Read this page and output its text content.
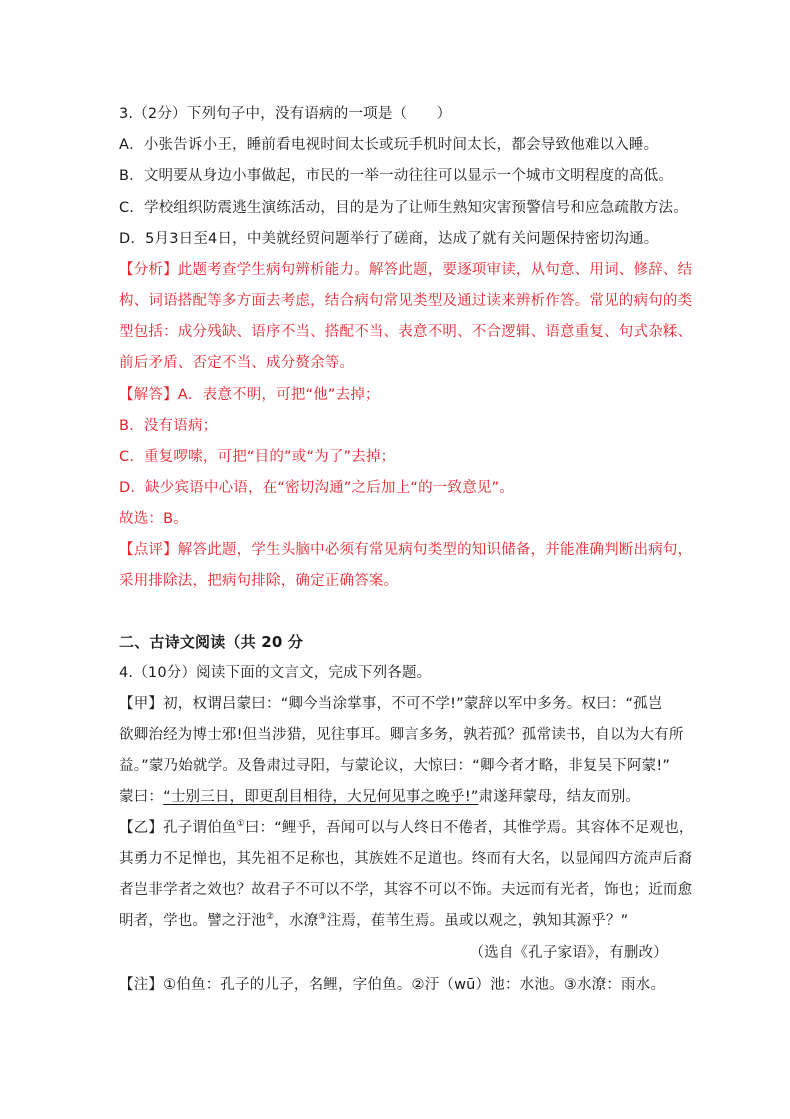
3.（2分）下列句子中，没有语病的一项是（　　）
A．小张告诉小王，睡前看电视时间太长或玩手机时间太长，都会导致他难以入睡。
B．文明要从身边小事做起，市民的一举一动往往可以显示一个城市文明程度的高低。
C．学校组织防震逃生演练活动，目的是为了让师生熟知灾害预警信号和应急疏散方法。
D．5月3日至4日，中美就经贸问题举行了磋商，达成了就有关问题保持密切沟通。
【分析】此题考查学生病句辨析能力。解答此题，要逐项审读，从句意、用词、修辞、结
构、词语搭配等多方面去考虑，结合病句常见类型及通过读来辨析作答。常见的病句的类
型包括：成分残缺、语序不当、搭配不当、表意不明、不合逻辑、语意重复、句式杂糅、
前后矛盾、否定不当、成分赘余等。
【解答】A．表意不明，可把“他”去掉；
B．没有语病；
C．重复啰嗦，可把“目的”或“为了”去掉；
D．缺少宾语中心语，在“密切沟通”之后加上“的一致意见”。
故选：B。
【点评】解答此题，学生头脑中必须有常见病句类型的知识储备，并能准确判断出病句，
采用排除法，把病句排除，确定正确答案。
二、古诗文阅读（共 20 分
4.（10分）阅读下面的文言文，完成下列各题。
【甲】初，权谓吕蒙曰：“卿今当涂掌事，不可不学!”蒙辞以军中多务。权曰：“孤岂
欲卿治经为博士邪!但当涉猎，见往事耳。卿言多务，孰若孤？孤常读书，自以为大有所
益。”蒙乃始就学。及鲁肃过寻阳，与蒙论议，大惊曰：“卿今者才略，非复吴下阿蒙!”
蒙曰：“士别三日，即更刮目相待，大兄何见事之晚乎!”肃遂拜蒙母，结友而别。
【乙】孔子谓伯鱼①曰：“鲤乎，吾闻可以与人终日不倦者，其惟学焉。其容体不足观也，
其勇力不足惮也，其先祖不足称也，其族姓不足道也。终而有大名，以显闻四方流声后裔
者岂非学者之效也？故君子不可以不学，其容不可以不饰。夫远而有光者，饰也；近而愈
明者，学也。譬之汙池②，水潦③注焉，萑苇生焉。虽或以观之，孰知其源乎？”
（选自《孔子家语》，有删改）
【注】①伯鱼：孔子的儿子，名鲤，字伯鱼。②汙（wū）池：水池。③水潦：雨水。
